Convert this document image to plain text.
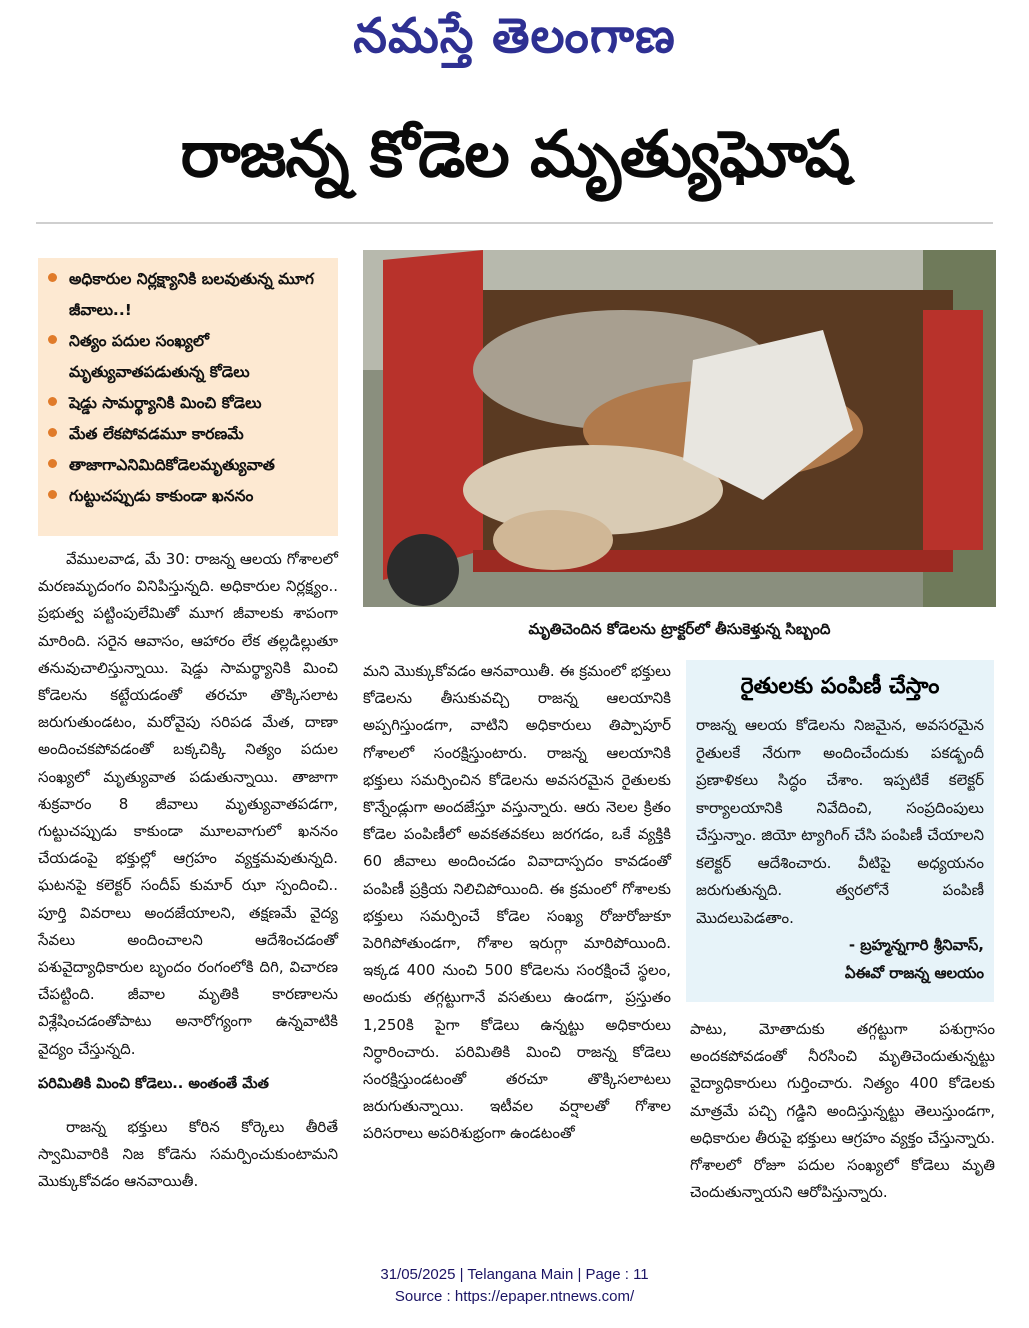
నమస్తే తెలంగాణ
రాజన్న కోడెల మృత్యుఘోష
అధికారుల నిర్లక్ష్యానికి బలవుతున్న మూగ జీవాలు..!
నిత్యం పదుల సంఖ్యలో మృత్యువాతపడుతున్న కోడెలు
షెడ్డు సామర్థ్యానికి మించి కోడెలు
మేత లేకపోవడమూ కారణమే
తాజాగాఎనిమిదికోడెలమృత్యువాత
గుట్టుచప్పుడు కాకుండా ఖననం
మృతిచెందిన కోడెలను ట్రాక్టర్‌లో తీసుకెళ్తున్న సిబ్బంది

వేములవాడ, మే 30: రాజన్న ఆలయ గోశాలలో మరణమృదంగం వినిపిస్తున్నది. అధికారుల నిర్లక్ష్యం.. ప్రభుత్వ పట్టింపులేమితో మూగ జీవాలకు శాపంగా మారింది. సరైన ఆవాసం, ఆహారం లేక తల్లడిల్లుతూ తనువుచాలిస్తున్నాయి. షెడ్డు సామర్థ్యానికి మించి కోడెలను కట్టేయడంతో తరచూ తొక్కిసలాట జరుగుతుండటం, మరోవైపు సరిపడ మేత, దాణా అందించకపోవడంతో బక్కచిక్కి నిత్యం పదుల సంఖ్యలో మృత్యువాత పడుతున్నాయి. తాజాగా శుక్రవారం 8 జీవాలు మృత్యువాతపడగా, గుట్టుచప్పుడు కాకుండా మూలవాగులో ఖననం చేయడంపై భక్తుల్లో ఆగ్రహం వ్యక్తమవుతున్నది. ఘటనపై కలెక్టర్ సందీప్ కుమార్ ఝా స్పందించి.. పూర్తి వివరాలు అందజేయాలని, తక్షణమే వైద్య సేవలు అందించాలని ఆదేశించడంతో పశువైద్యాధికారుల బృందం రంగంలోకి దిగి, విచారణ చేపట్టింది. జీవాల మృతికి కారణాలను విశ్లేషించడంతోపాటు అనారోగ్యంగా ఉన్నవాటికి వైద్యం చేస్తున్నది.

పరిమితికి మించి కోడెలు.. అంతంతే మేత

రాజన్న భక్తులు కోరిన కోర్కెలు తీరితే స్వామివారికి నిజ కోడెను సమర్పించుకుంటామని మొక్కుకోవడం ఆనవాయితీ.

మని మొక్కుకోవడం ఆనవాయితీ. ఈ క్రమంలో భక్తులు కోడెలను తీసుకువచ్చి రాజన్న ఆలయానికి అప్పగిస్తుండగా, వాటిని అధికారులు తిప్పాపూర్ గోశాలలో సంరక్షిస్తుంటారు. రాజన్న ఆలయానికి భక్తులు సమర్పించిన కోడెలను అవసరమైన రైతులకు కొన్నేండ్లుగా అందజేస్తూ వస్తున్నారు. ఆరు నెలల క్రితం కోడెల పంపిణీలో అవకతవకలు జరగడం, ఒకే వ్యక్తికి 60 జీవాలు అందించడం వివాదాస్పదం కావడంతో పంపిణీ ప్రక్రియ నిలిచిపోయింది. ఈ క్రమంలో గోశాలకు భక్తులు సమర్పించే కోడెల సంఖ్య రోజురోజుకూ పెరిగిపోతుండగా, గోశాల ఇరుగ్గా మారిపోయింది. ఇక్కడ 400 నుంచి 500 కోడెలను సంరక్షించే స్థలం, అందుకు తగ్గట్టుగానే వసతులు ఉండగా, ప్రస్తుతం 1,250కి పైగా కోడెలు ఉన్నట్టు అధికారులు నిర్ధారించారు. పరిమితికి మించి రాజన్న కోడెలు సంరక్షిస్తుండటంతో తరచూ తొక్కిసలాటలు జరుగుతున్నాయి. ఇటీవల వర్షాలతో గోశాల పరిసరాలు అపరిశుభ్రంగా ఉండటంతో

రైతులకు పంపిణీ చేస్తాం
రాజన్న ఆలయ కోడెలను నిజమైన, అవసరమైన రైతులకే నేరుగా అందించేందుకు పకడ్బందీ ప్రణాళికలు సిద్ధం చేశాం. ఇప్పటికే కలెక్టర్ కార్యాలయానికి నివేదించి, సంప్రదింపులు చేస్తున్నాం. జియో ట్యాగింగ్ చేసి పంపిణీ చేయాలని కలెక్టర్ ఆదేశించారు. వీటిపై అధ్యయనం జరుగుతున్నది. త్వరలోనే పంపిణీ మొదలుపెడతాం.
- బ్రహ్మన్నగారి శ్రీనివాస్,
ఏఈవో రాజన్న ఆలయం

పాటు, మోతాదుకు తగ్గట్టుగా పశుగ్రాసం అందకపోవడంతో నీరసించి మృతిచెందుతున్నట్టు వైద్యాధికారులు గుర్తించారు. నిత్యం 400 కోడెలకు మాత్రమే పచ్చి గడ్డిని అందిస్తున్నట్టు తెలుస్తుండగా, అధికారుల తీరుపై భక్తులు ఆగ్రహం వ్యక్తం చేస్తున్నారు. గోశాలలో రోజూ పదుల సంఖ్యలో కోడెలు మృతి చెందుతున్నాయని ఆరోపిస్తున్నారు.

31/05/2025 | Telangana Main | Page : 11
Source : https://epaper.ntnews.com/
